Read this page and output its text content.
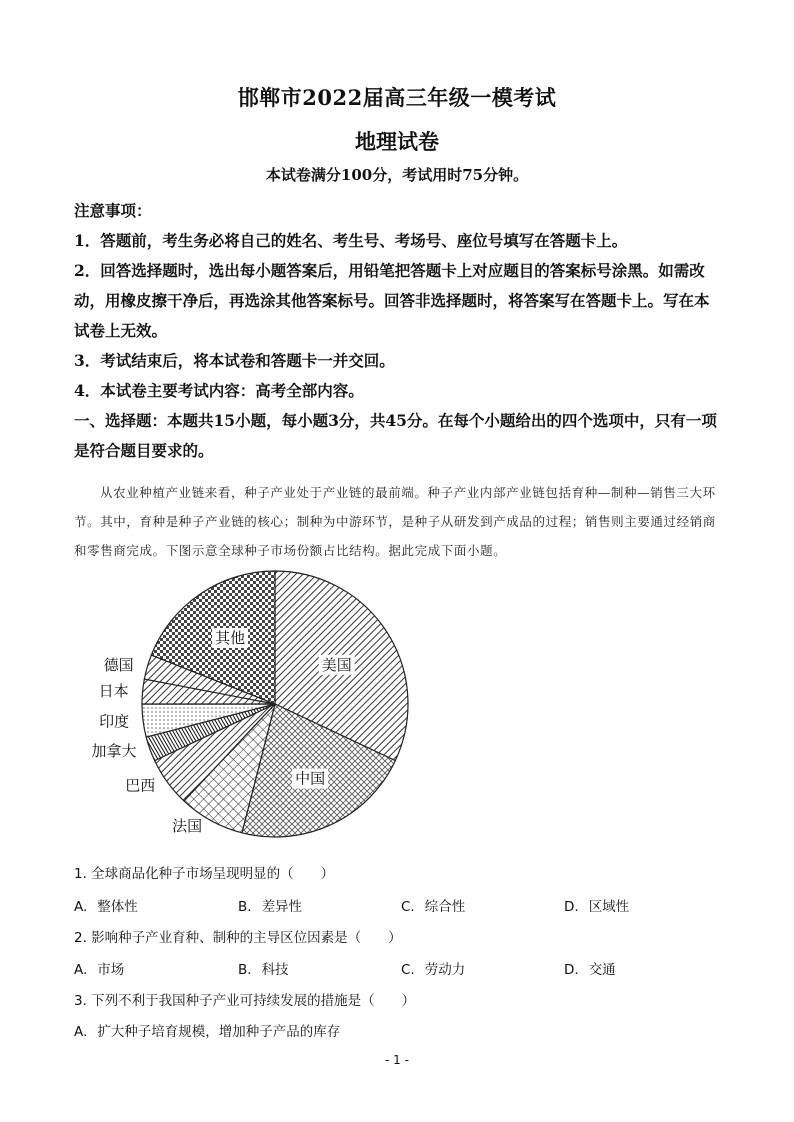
邯郸市2022届高三年级一模考试
地理试卷
本试卷满分100分，考试用时75分钟。

注意事项：

1．答题前，考生务必将自己的姓名、考生号、考场号、座位号填写在答题卡上。

2．回答选择题时，选出每小题答案后，用铅笔把答题卡上对应题目的答案标号涂黑。如需改动，用橡皮擦干净后，再选涂其他答案标号。回答非选择题时，将答案写在答题卡上。写在本试卷上无效。

3．考试结束后，将本试卷和答题卡一并交回。

4．本试卷主要考试内容：高考全部内容。

一、选择题：本题共15小题，每小题3分，共45分。在每个小题给出的四个选项中，只有一项是符合题目要求的。

从农业种植产业链来看，种子产业处于产业链的最前端。种子产业内部产业链包括育种—制种—销售三大环节。其中，育种是种子产业链的核心；制种为中游环节，是种子从研发到产成品的过程；销售则主要通过经销商和零售商完成。下图示意全球种子市场份额占比结构。据此完成下面小题。
美国
中国
法国
巴西
加拿大
印度
日本
德国
其他
1. 全球商品化种子市场呈现明显的（　　）
A. 整体性	B. 差异性	C. 综合性	D. 区域性
2. 影响种子产业育种、制种的主导区位因素是（　　）
A. 市场	B. 科技	C. 劳动力	D. 交通
3. 下列不利于我国种子产业可持续发展的措施是（　　）
A. 扩大种子培育规模，增加种子产品的库存
- 1 -
